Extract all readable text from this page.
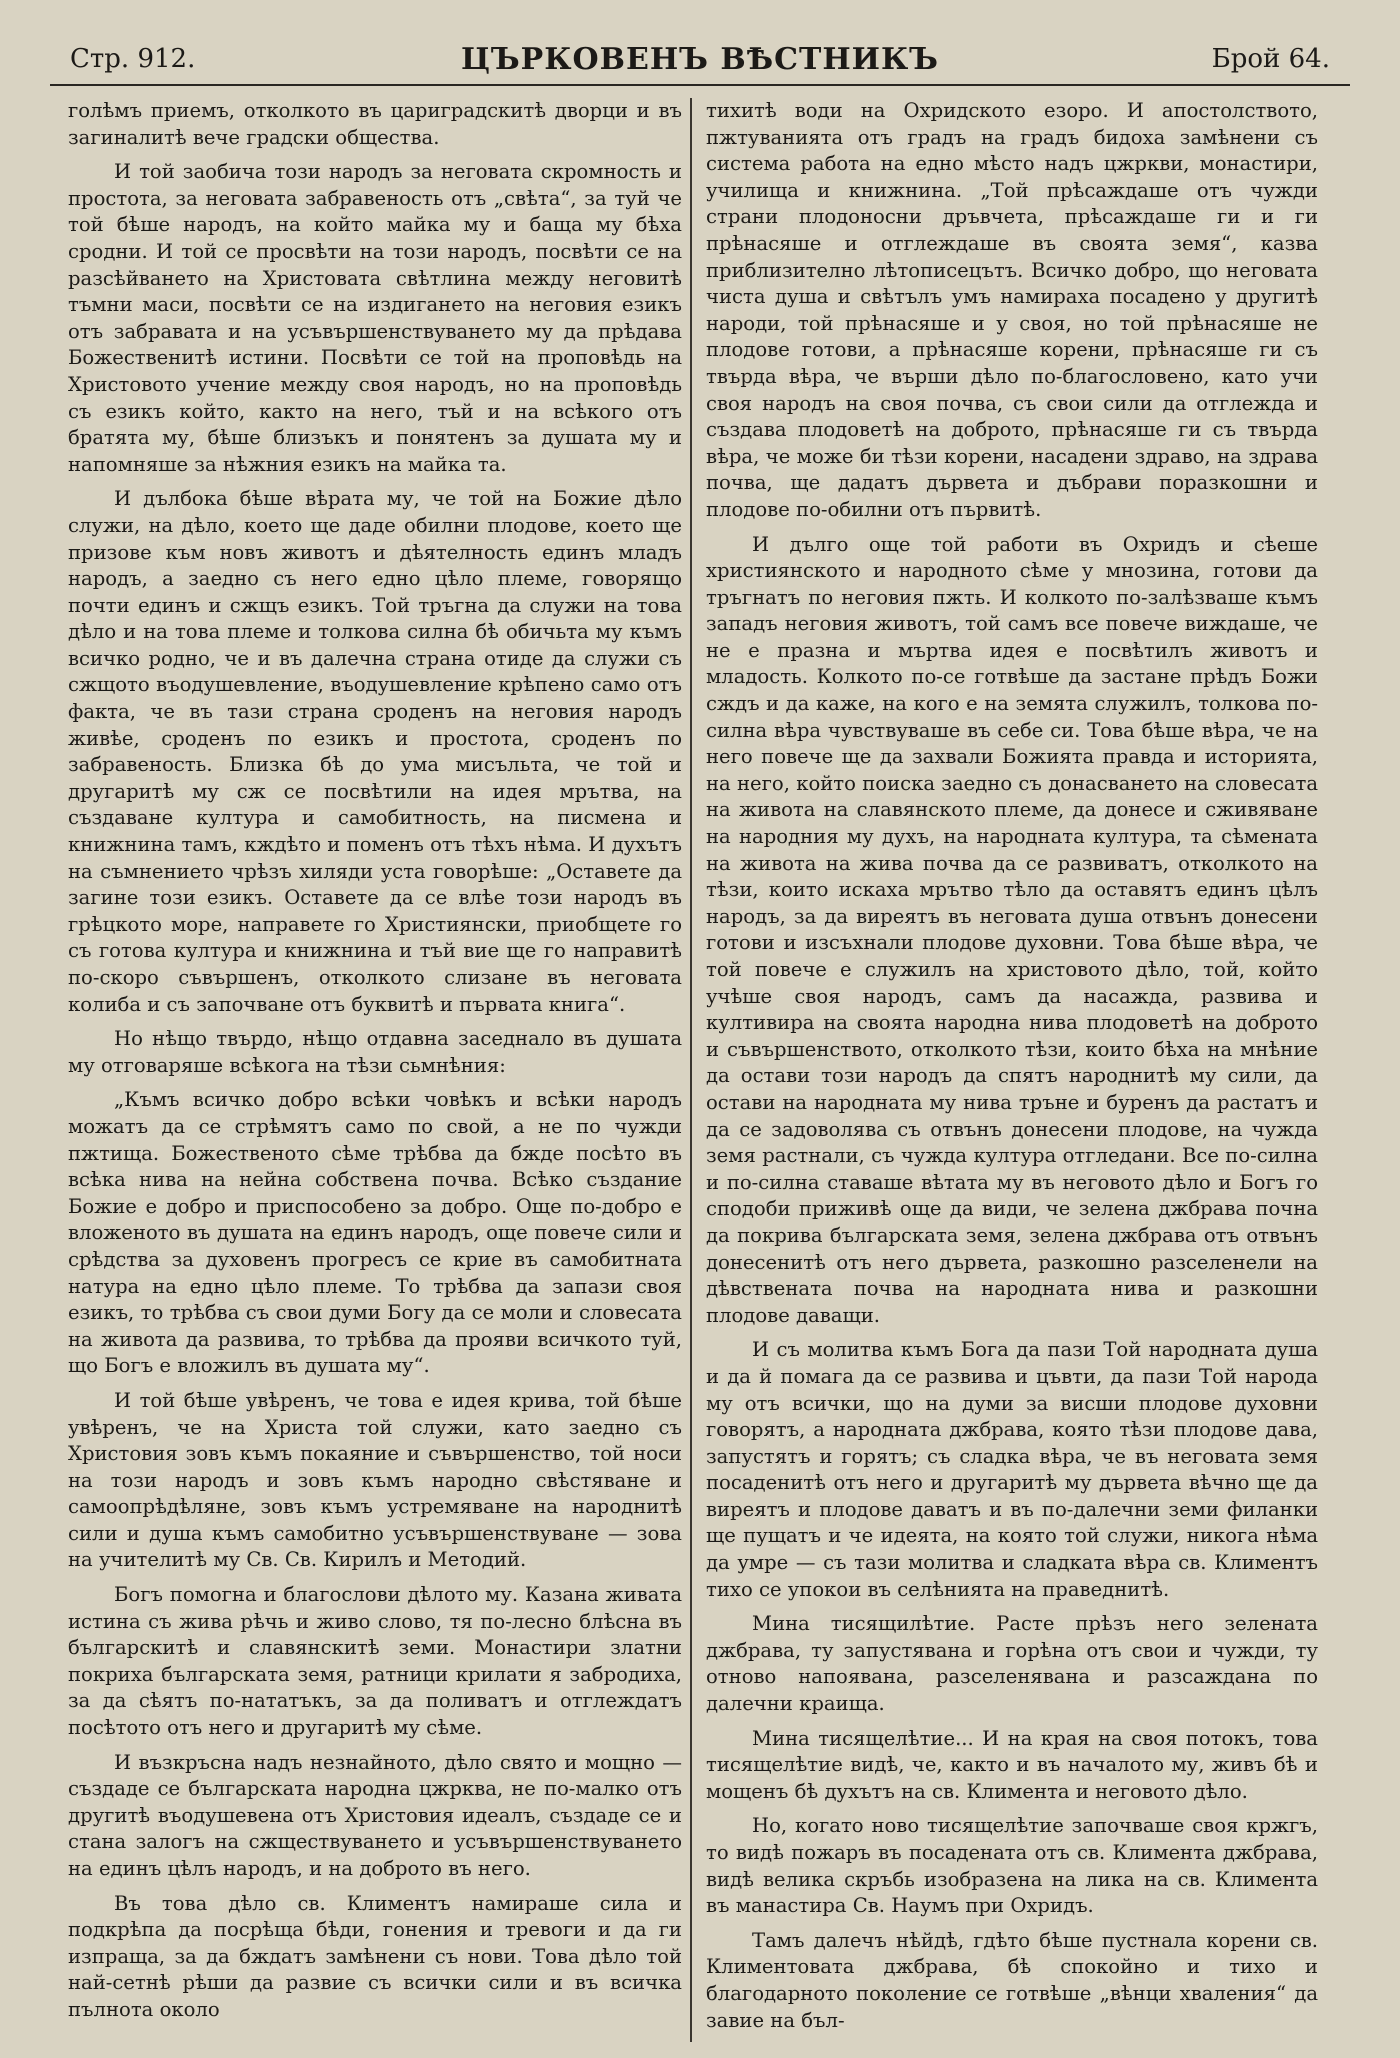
Стр. 912.	ЦЪРКОВЕНЪ ВѢСТНИКЪ	Брой 64.

голѣмъ приемъ, отколкото въ цариградскитѣ дворци и въ загиналитѣ вече градски общества.

И той заобича този народъ за неговата скромность и простота, за неговата забравеность отъ „свѣта“, за туй че той бѣше народъ, на който майка му и баща му бѣха сродни. И той се просвѣти на този народъ, посвѣти се на разсѣйването на Христовата свѣтлина между неговитѣ тъмни маси, посвѣти се на издигането на неговия езикъ отъ забравата и на усъвършенствуването му да прѣдава Божественитѣ истини. Посвѣти се той на проповѣдь на Христовото учение между своя народъ, но на проповѣдь съ езикъ който, както на него, тъй и на всѣкого отъ братята му, бѣше близъкъ и понятенъ за душата му и напомняше за нѣжния езикъ на майка та.

И дълбока бѣше вѣрата му, че той на Божие дѣло служи, на дѣло, което ще даде обилни плодове, което ще призове към новъ животъ и дѣятелность единъ младъ народъ, а заедно съ него едно цѣло племе, говорящо почти единъ и сжщъ езикъ. Той тръгна да служи на това дѣло и на това племе и толкова силна бѣ обичьта му къмъ всичко родно, че и въ далечна страна отиде да служи съ сжщото въодушевление, въодушевление крѣпено само отъ факта, че въ тази страна сроденъ на неговия народъ живѣе, сроденъ по езикъ и простота, сроденъ по забравеность. Близка бѣ до ума мисъльта, че той и другаритѣ му сж се посвѣтили на идея мрътва, на създаване култура и самобитность, на писмена и книжнина тамъ, кждѣто и поменъ отъ тѣхъ нѣма. И духътъ на съмнението чрѣзъ хиляди уста говорѣше: „Оставете да загине този езикъ. Оставете да се влѣе този народъ въ грѣцкото море, направете го Християнски, приобщете го съ готова култура и книжнина и тъй вие ще го направитѣ по-скоро съвършенъ, отколкото слизане въ неговата колиба и съ започване отъ буквитѣ и първата книга“.

Но нѣщо твърдо, нѣщо отдавна заседнало въ душата му отговаряше всѣкога на тѣзи сьмнѣния:

„Къмъ всичко добро всѣки човѣкъ и всѣки народъ можатъ да се стрѣмятъ само по свой, а не по чужди пжтища. Божественото сѣме трѣбва да бжде посѣто въ всѣка нива на нейна собствена почва. Всѣко създание Божие е добро и приспособено за добро. Още по-добро е вложеното въ душата на единъ народъ, още повече сили и срѣдства за духовенъ прогресъ се крие въ самобитната натура на едно цѣло племе. То трѣбва да запази своя езикъ, то трѣбва съ свои думи Богу да се моли и словесата на живота да развива, то трѣбва да прояви всичкото туй, що Богъ е вложилъ въ душата му“.

И той бѣше увѣренъ, че това е идея крива, той бѣше увѣренъ, че на Христа той служи, като заедно съ Христовия зовъ къмъ покаяние и съвършенство, той носи на този народъ и зовъ къмъ народно свѣстяване и самоопрѣдѣляне, зовъ къмъ устремяване на народнитѣ сили и душа къмъ самобитно усъвършенствуване — зова на учителитѣ му Св. Св. Кирилъ и Методий.

Богъ помогна и благослови дѣлото му. Казана живата истина съ жива рѣчь и живо слово, тя по-лесно блѣсна въ българскитѣ и славянскитѣ земи. Монастири златни покриха българската земя, ратници крилати я забродиха, за да сѣятъ по-нататъкъ, за да поливатъ и отглеждатъ посѣтото отъ него и другаритѣ му сѣме.

И възкръсна надъ незнайното, дѣло свято и мощно — създаде се българската народна цжрква, не по-малко отъ другитѣ въодушевена отъ Христовия идеалъ, създаде се и стана залогъ на сжществуването и усъвършенствуването на единъ цѣлъ народъ, и на доброто въ него.

Въ това дѣло св. Климентъ намираше сила и подкрѣпа да посрѣща бѣди, гонения и тревоги и да ги изпраща, за да бждатъ замѣнени съ нови. Това дѣло той най-сетнѣ рѣши да развие съ всички сили и въ всичка пълнота около

тихитѣ води на Охридското езоро. И апостолството, пжтуванията отъ градъ на градъ бидоха замѣнени съ система работа на едно мѣсто надъ цжркви, монастири, училища и книжнина. „Той прѣсаждаше отъ чужди страни плодоносни дръвчета, прѣсаждаше ги и ги прѣнасяше и отглеждаше въ своята земя“, казва приблизително лѣтописецътъ. Всичко добро, що неговата чиста душа и свѣтълъ умъ намираха посадено у другитѣ народи, той прѣнасяше и у своя, но той прѣнасяше не плодове готови, а прѣнасяше корени, прѣнасяше ги съ твърда вѣра, че върши дѣло по-благословено, като учи своя народъ на своя почва, съ свои сили да отглежда и създава плодоветѣ на доброто, прѣнасяше ги съ твърда вѣра, че може би тѣзи корени, насадени здраво, на здрава почва, ще дадатъ дървета и дъбрави поразкошни и плодове по-обилни отъ първитѣ.

И дълго още той работи въ Охридъ и сѣеше християнското и народното сѣме у мнозина, готови да тръгнатъ по неговия пжть. И колкото по-залѣзваше къмъ западъ неговия животъ, той самъ все повече виждаше, че не е празна и мъртва идея е посвѣтилъ животъ и младость. Колкото по-се готвѣше да застане прѣдъ Божи сждъ и да каже, на кого е на земята служилъ, толкова по-силна вѣра чувствуваше въ себе си. Това бѣше вѣра, че на него повече ще да захвали Божията правда и историята, на него, който поиска заедно съ донасването на словесата на живота на славянското племе, да донесе и сживяване на народния му духъ, на народната култура, та сѣмената на живота на жива почва да се развиватъ, отколкото на тѣзи, които искаха мрътво тѣло да оставятъ единъ цѣлъ народъ, за да виреятъ въ неговата душа отвънъ донесени готови и изсъхнали плодове духовни. Това бѣше вѣра, че той повече е служилъ на христовото дѣло, той, който учѣше своя народъ, самъ да насажда, развива и култивира на своята народна нива плодоветѣ на доброто и съвършенството, отколкото тѣзи, които бѣха на мнѣние да остави този народъ да спятъ народнитѣ му сили, да остави на народната му нива тръне и буренъ да растатъ и да се задоволява съ отвънъ донесени плодове, на чужда земя растнали, съ чужда култура отгледани. Все по-силна и по-силна ставаше вѣтата му въ неговото дѣло и Богъ го сподоби приживѣ още да види, че зелена джбрава почна да покрива българската земя, зелена джбрава отъ отвънъ донесенитѣ отъ него дървета, разкошно разселенели на дѣвствената почва на народната нива и разкошни плодове даващи.

И съ молитва къмъ Бога да пази Той народната душа и да й помага да се развива и цъвти, да пази Той народа му отъ всички, що на думи за висши плодове духовни говорятъ, а народната джбрава, която тѣзи плодове дава, запустятъ и горятъ; съ сладка вѣра, че въ неговата земя посаденитѣ отъ него и другаритѣ му дървета вѣчно ще да виреятъ и плодове даватъ и въ по-далечни земи филанки ще пущатъ и че идеята, на която той служи, никога нѣма да умре — съ тази молитва и сладката вѣра св. Климентъ тихо се упокои въ селѣнията на праведнитѣ.

Мина тисящилѣтие. Расте прѣзъ него зелената джбрава, ту запустявана и горѣна отъ свои и чужди, ту отново напоявана, разселенявана и разсаждана по далечни краища.

Мина тисящелѣтие... И на края на своя потокъ, това тисящелѣтие видѣ, че, както и въ началото му, живъ бѣ и мощенъ бѣ духътъ на св. Климента и неговото дѣло.

Но, когато ново тисящелѣтие започваше своя кржгъ, то видѣ пожаръ въ посадената отъ св. Климента джбрава, видѣ велика скръбь изобразена на лика на св. Климента въ манастира Св. Наумъ при Охридъ.

Тамъ далечъ нѣйдѣ, гдѣто бѣше пустнала корени св. Климентовата джбрава, бѣ спокойно и тихо и благодарното поколение се готвѣше „вѣнци хваления“ да завие на бъл-
